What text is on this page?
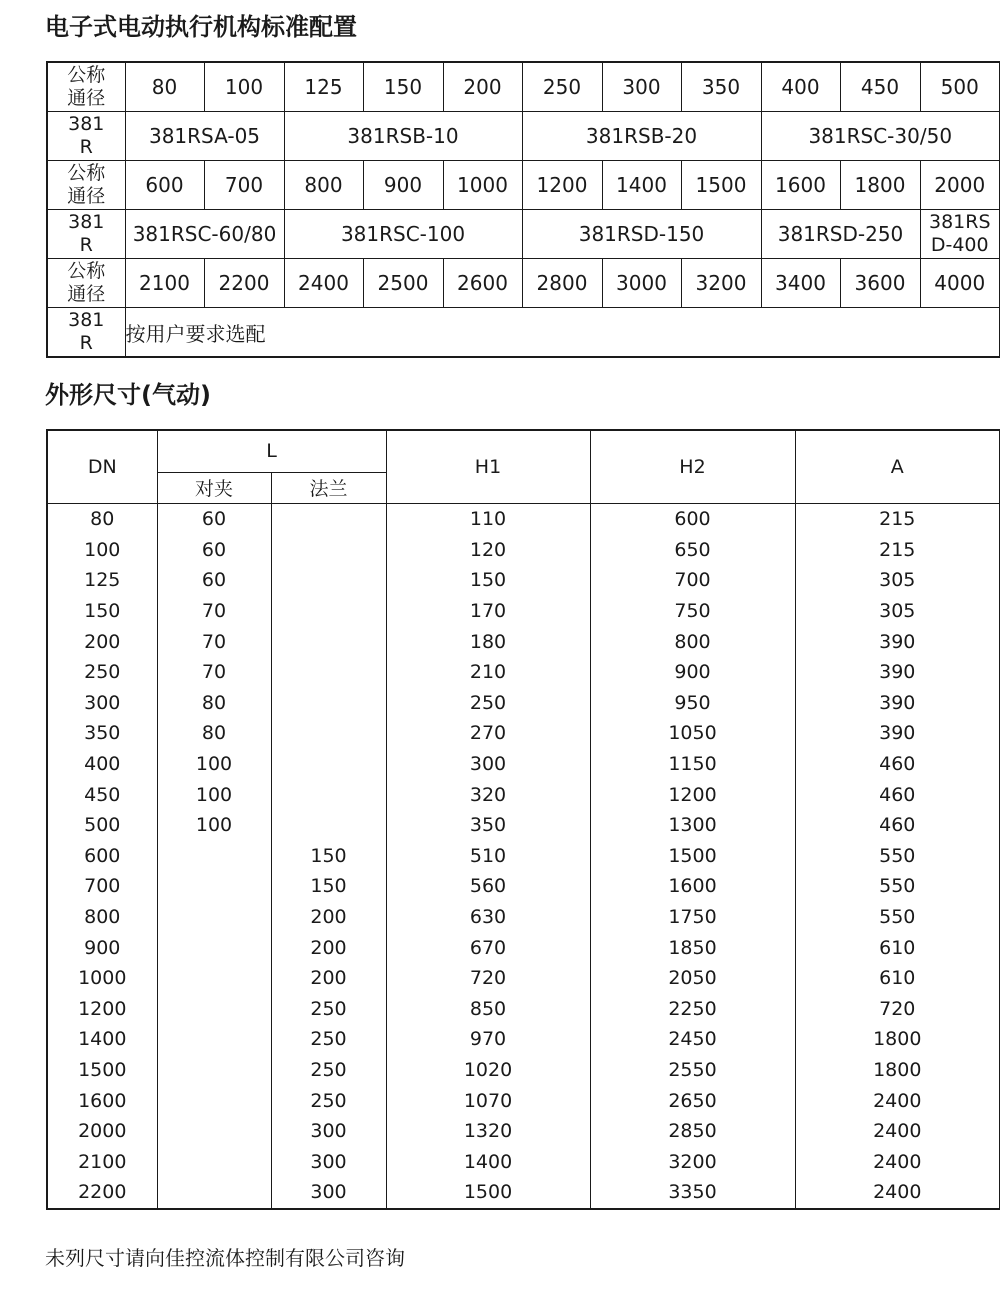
电子式电动执行机构标准配置
公称
通径	80	100	125	150	200	250	300	350	400	450	500
381
R	381RSA-05		381RSB-10			381RSB-20			381RSC-30/50		
公称
通径	600	700	800	900	1000	1200	1400	1500	1600	1800	2000
381
R	381RSC-60/80		381RSC-100			381RSD-150			381RSD-250		381RS
D-400
公称
通径	2100	2200	2400	2500	2600	2800	3000	3200	3400	3600	4000
381
R	按用户要求选配										
外形尺寸(气动)
DN	L		H1	H2	A
	对夹	法兰			
80	60		110	600	215
100	60		120	650	215
125	60		150	700	305
150	70		170	750	305
200	70		180	800	390
250	70		210	900	390
300	80		250	950	390
350	80		270	1050	390
400	100		300	1150	460
450	100		320	1200	460
500	100		350	1300	460
600		150	510	1500	550
700		150	560	1600	550
800		200	630	1750	550
900		200	670	1850	610
1000		200	720	2050	610
1200		250	850	2250	720
1400		250	970	2450	1800
1500		250	1020	2550	1800
1600		250	1070	2650	2400
2000		300	1320	2850	2400
2100		300	1400	3200	2400
2200		300	1500	3350	2400
未列尺寸请向佳控流体控制有限公司咨询
